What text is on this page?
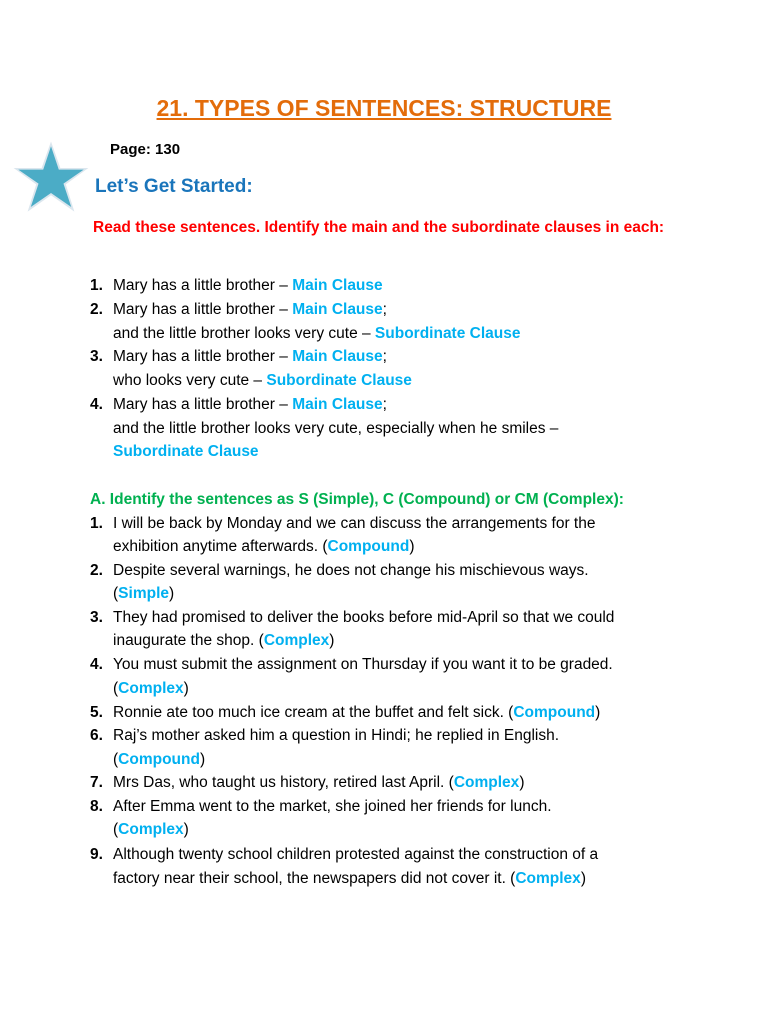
21. TYPES OF SENTENCES: STRUCTURE
Page: 130
Let’s Get Started:
Read these sentences. Identify the main and the subordinate clauses in each:
1. Mary has a little brother – Main Clause
2. Mary has a little brother – Main Clause;
and the little brother looks very cute – Subordinate Clause
3. Mary has a little brother – Main Clause;
who looks very cute – Subordinate Clause
4. Mary has a little brother – Main Clause;
and the little brother looks very cute, especially when he smiles –
Subordinate Clause
A. Identify the sentences as S (Simple), C (Compound) or CM (Complex):
1. I will be back by Monday and we can discuss the arrangements for the
exhibition anytime afterwards. (Compound)
2. Despite several warnings, he does not change his mischievous ways.
(Simple)
3. They had promised to deliver the books before mid-April so that we could
inaugurate the shop. (Complex)
4. You must submit the assignment on Thursday if you want it to be graded.
(Complex)
5. Ronnie ate too much ice cream at the buffet and felt sick. (Compound)
6. Raj’s mother asked him a question in Hindi; he replied in English.
(Compound)
7. Mrs Das, who taught us history, retired last April. (Complex)
8. After Emma went to the market, she joined her friends for lunch.
(Complex)
9. Although twenty school children protested against the construction of a
factory near their school, the newspapers did not cover it. (Complex)
